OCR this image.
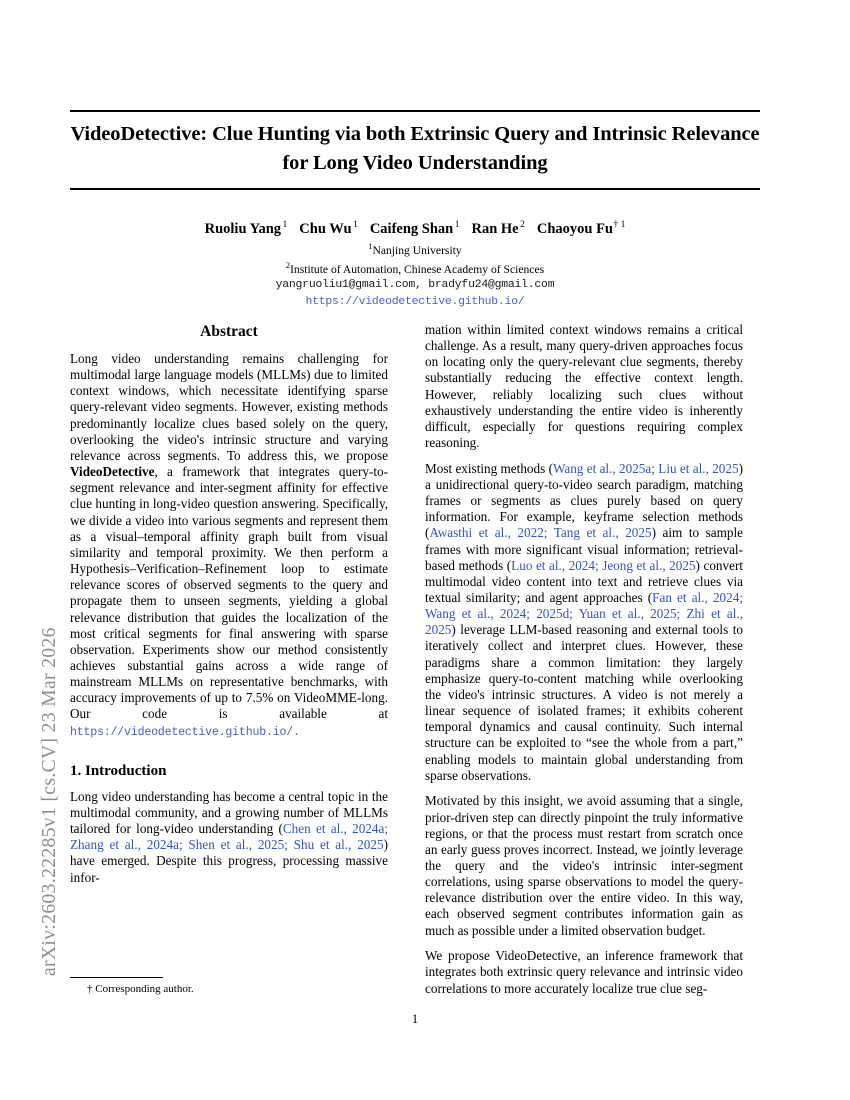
arXiv:2603.22285v1 [cs.CV] 23 Mar 2026
VideoDetective: Clue Hunting via both Extrinsic Query and Intrinsic Relevance for Long Video Understanding
Ruoliu Yang $^1$ Chu Wu $^1$ Caifeng Shan $^1$ Ran He $^2$ Chaoyou Fu$^{\dagger 1}$
$^1$Nanjing University
$^2$Institute of Automation, Chinese Academy of Sciences
yangruoliu1@gmail.com, bradyfu24@gmail.com
https://videodetective.github.io/
Abstract

Long video understanding remains challenging for multimodal large language models (MLLMs) due to limited context windows, which necessitate identifying sparse query-relevant video segments. However, existing methods predominantly localize clues based solely on the query, overlooking the video's intrinsic structure and varying relevance across segments. To address this, we propose VideoDetective, a framework that integrates query-to-segment relevance and inter-segment affinity for effective clue hunting in long-video question answering. Specifically, we divide a video into various segments and represent them as a visual–temporal affinity graph built from visual similarity and temporal proximity. We then perform a Hypothesis–Verification–Refinement loop to estimate relevance scores of observed segments to the query and propagate them to unseen segments, yielding a global relevance distribution that guides the localization of the most critical segments for final answering with sparse observation. Experiments show our method consistently achieves substantial gains across a wide range of mainstream MLLMs on representative benchmarks, with accuracy improvements of up to 7.5% on VideoMME-long. Our code is available at https://videodetective.github.io/.

1. Introduction

Long video understanding has become a central topic in the multimodal community, and a growing number of MLLMs tailored for long-video understanding (Chen et al., 2024a; Zhang et al., 2024a; Shen et al., 2025; Shu et al., 2025) have emerged. Despite this progress, processing massive infor-

mation within limited context windows remains a critical challenge. As a result, many query-driven approaches focus on locating only the query-relevant clue segments, thereby substantially reducing the effective context length. However, reliably localizing such clues without exhaustively understanding the entire video is inherently difficult, especially for questions requiring complex reasoning.

Most existing methods (Wang et al., 2025a; Liu et al., 2025) a unidirectional query-to-video search paradigm, matching frames or segments as clues purely based on query information. For example, keyframe selection methods (Awasthi et al., 2022; Tang et al., 2025) aim to sample frames with more significant visual information; retrieval-based methods (Luo et al., 2024; Jeong et al., 2025) convert multimodal video content into text and retrieve clues via textual similarity; and agent approaches (Fan et al., 2024; Wang et al., 2024; 2025d; Yuan et al., 2025; Zhi et al., 2025) leverage LLM-based reasoning and external tools to iteratively collect and interpret clues. However, these paradigms share a common limitation: they largely emphasize query-to-content matching while overlooking the video's intrinsic structures. A video is not merely a linear sequence of isolated frames; it exhibits coherent temporal dynamics and causal continuity. Such internal structure can be exploited to “see the whole from a part,” enabling models to maintain global understanding from sparse observations.

Motivated by this insight, we avoid assuming that a single, prior-driven step can directly pinpoint the truly informative regions, or that the process must restart from scratch once an early guess proves incorrect. Instead, we jointly leverage the query and the video's intrinsic inter-segment correlations, using sparse observations to model the query-relevance distribution over the entire video. In this way, each observed segment contributes information gain as much as possible under a limited observation budget.

We propose VideoDetective, an inference framework that integrates both extrinsic query relevance and intrinsic video correlations to more accurately localize true clue seg-

† Corresponding author.
1
